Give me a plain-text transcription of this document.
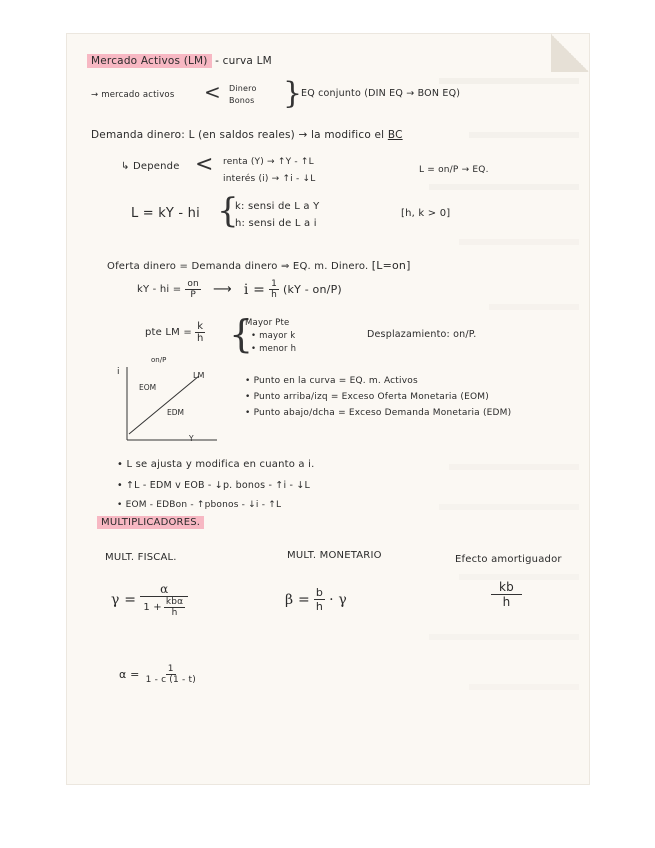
Mercado Activos (LM) - curva LM
→ mercado activos < Dinero
Bonos }
EQ conjunto (DIN EQ → BON EQ)
Demanda dinero: L (en saldos reales) → la modifico el BC
↳ Depende < renta (Y) → ↑Y - ↑L
interés (i) → ↑i - ↓L
L = on/P → EQ.
L = kY - hi {
k: sensi de L a Y
h: sensi de L a i
[h, k > 0]
Oferta dinero = Demanda dinero ⇒ EQ. m. Dinero. [L=on]
kY - hi = $\frac{on}{P}$ ⟶ $i = \frac{1}{h} (kY - on/P)$
pte LM = $\frac{k}{h}$ {
Mayor Pte
• mayor k
• menor h
Desplazamiento: on/P.
i
on/P
LM
EOM
EDM
Y
• Punto en la curva = EQ. m. Activos
• Punto arriba/izq = Exceso Oferta Monetaria (EOM)
• Punto abajo/dcha = Exceso Demanda Monetaria (EDM)
• L se ajusta y modifica en cuanto a i.
• ↑L - EDM v EOB - ↓p. bonos - ↑i - ↓L
• EOM - EDBon - ↑pbonos - ↓i - ↑L
MULTIPLICADORES.
MULT. FISCAL.	MULT. MONETARIO	Efecto amortiguador
$\gamma = \frac{\alpha}{1 + \frac{\text{kbα}}{h}}$	$\beta = \frac{b}{h} \cdot \gamma$	$\frac{kb}{h}$
$\alpha = \frac{1}{1 - c (1 - t)}$
